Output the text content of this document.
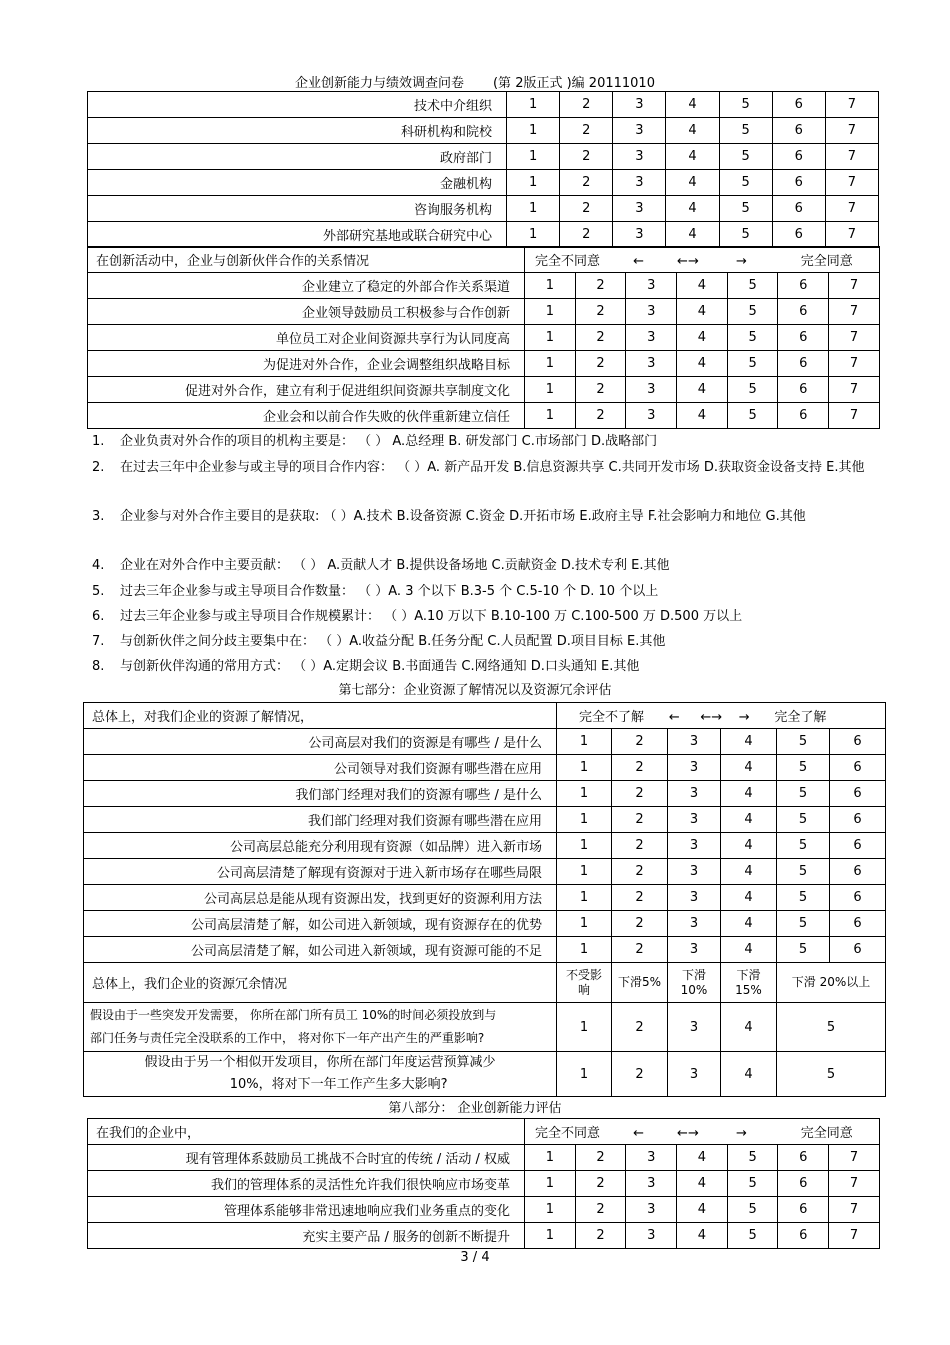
企业创新能力与绩效调查问卷 (第 2版正式 )编 20111010
技术中介组织	1	2	3	4	5	6	7
科研机构和院校	1	2	3	4	5	6	7
政府部门	1	2	3	4	5	6	7
金融机构	1	2	3	4	5	6	7
咨询服务机构	1	2	3	4	5	6	7
外部研究基地或联合研究中心	1	2	3	4	5	6	7
在创新活动中，企业与创新伙伴合作的关系情况	完全不同意 ← ←→ → 完全同意						
企业建立了稳定的外部合作关系渠道	1	2	3	4	5	6	7
企业领导鼓励员工积极参与合作创新	1	2	3	4	5	6	7
单位员工对企业间资源共享行为认同度高	1	2	3	4	5	6	7
为促进对外合作，企业会调整组织战略目标	1	2	3	4	5	6	7
促进对外合作，建立有利于促进组织间资源共享制度文化	1	2	3	4	5	6	7
企业会和以前合作失败的伙伴重新建立信任	1	2	3	4	5	6	7
1. 企业负责对外合作的项目的机构主要是： （ ） A.总经理 B. 研发部门 C.市场部门 D.战略部门
2. 在过去三年中企业参与或主导的项目合作内容： （ ）A. 新产品开发 B.信息资源共享 C.共同开发市场 D.获取资金设备支持 E.其他
3. 企业参与对外合作主要目的是获取: （ ）A.技术 B.设备资源 C.资金 D.开拓市场 E.政府主导 F.社会影响力和地位 G.其他
4. 企业在对外合作中主要贡献： （ ） A.贡献人才 B.提供设备场地 C.贡献资金 D.技术专利 E.其他
5. 过去三年企业参与或主导项目合作数量： （ ）A. 3 个以下 B.3-5 个 C.5-10 个 D. 10 个以上
6. 过去三年企业参与或主导项目合作规模累计： （ ）A.10 万以下 B.10-100 万 C.100-500 万 D.500 万以上
7. 与创新伙伴之间分歧主要集中在： （ ）A.收益分配 B.任务分配 C.人员配置 D.项目目标 E.其他
8. 与创新伙伴沟通的常用方式： （ ）A.定期会议 B.书面通告 C.网络通知 D.口头通知 E.其他
第七部分：企业资源了解情况以及资源冗余评估
总体上，对我们企业的资源了解情况，	完全不了解 ← ←→ → 完全了解					
公司高层对我们的资源是有哪些 / 是什么	1	2	3	4	5	6
公司领导对我们资源有哪些潜在应用	1	2	3	4	5	6
我们部门经理对我们的资源有哪些 / 是什么	1	2	3	4	5	6
我们部门经理对我们资源有哪些潜在应用	1	2	3	4	5	6
公司高层总能充分利用现有资源（如品牌）进入新市场	1	2	3	4	5	6
公司高层清楚了解现有资源对于进入新市场存在哪些局限	1	2	3	4	5	6
公司高层总是能从现有资源出发，找到更好的资源利用方法	1	2	3	4	5	6
公司高层清楚了解，如公司进入新领域，现有资源存在的优势	1	2	3	4	5	6
公司高层清楚了解，如公司进入新领域，现有资源可能的不足	1	2	3	4	5	6
总体上，我们企业的资源冗余情况	不受影响	下滑5%	下滑10%	下滑15%	下滑 20%以上	
假设由于一些突发开发需要， 你所在部门所有员工 10%的时间必须投放到与
部门任务与责任完全没联系的工作中， 将对你下一年产出产生的严重影响?	1	2	3	4	5	
假设由于另一个相似开发项目，你所在部门年度运营预算减少
10%，将对下一年工作产生多大影响?	1	2	3	4	5	
第八部分： 企业创新能力评估
在我们的企业中，	完全不同意 ← ←→ → 完全同意						
现有管理体系鼓励员工挑战不合时宜的传统 / 活动 / 权威	1	2	3	4	5	6	7
我们的管理体系的灵活性允许我们很快响应市场变革	1	2	3	4	5	6	7
管理体系能够非常迅速地响应我们业务重点的变化	1	2	3	4	5	6	7
充实主要产品 / 服务的创新不断提升	1	2	3	4	5	6	7
3 / 4
